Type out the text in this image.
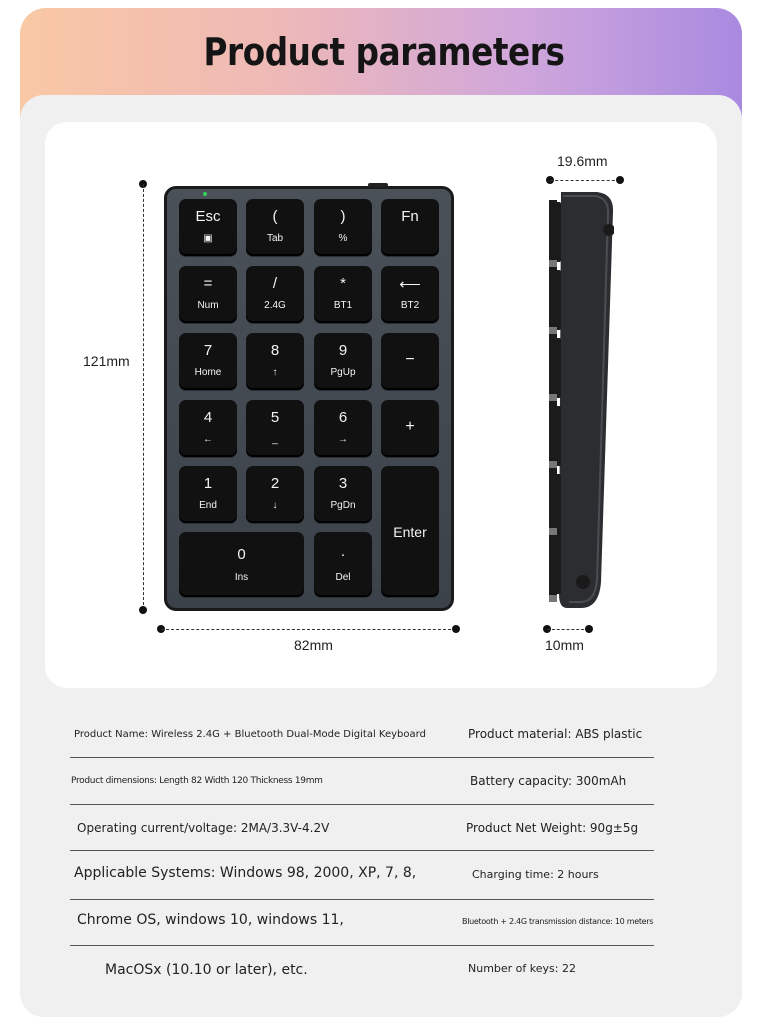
Product parameters
Esc
▣
(
Tab
)
%
Fn
=
Num
/
2.4G
*
BT1
⟵
BT2
7
Home
8
↑
9
PgUp
−
4
←
5
_
6
→
+
1
End
2
↓
3
PgDn
Enter
0
Ins
·
Del
121mm
82mm
19.6mm
10mm
Product Name: Wireless 2.4G + Bluetooth Dual-Mode Digital Keyboard	Product material: ABS plastic
Product dimensions: Length 82 Width 120 Thickness 19mm	Battery capacity: 300mAh
Operating current/voltage: 2MA/3.3V-4.2V	Product Net Weight: 90g±5g
Applicable Systems: Windows 98, 2000, XP, 7, 8,	Charging time: 2 hours
Chrome OS, windows 10, windows 11,	Bluetooth + 2.4G transmission distance: 10 meters
MacOSx (10.10 or later), etc.	Number of keys: 22
